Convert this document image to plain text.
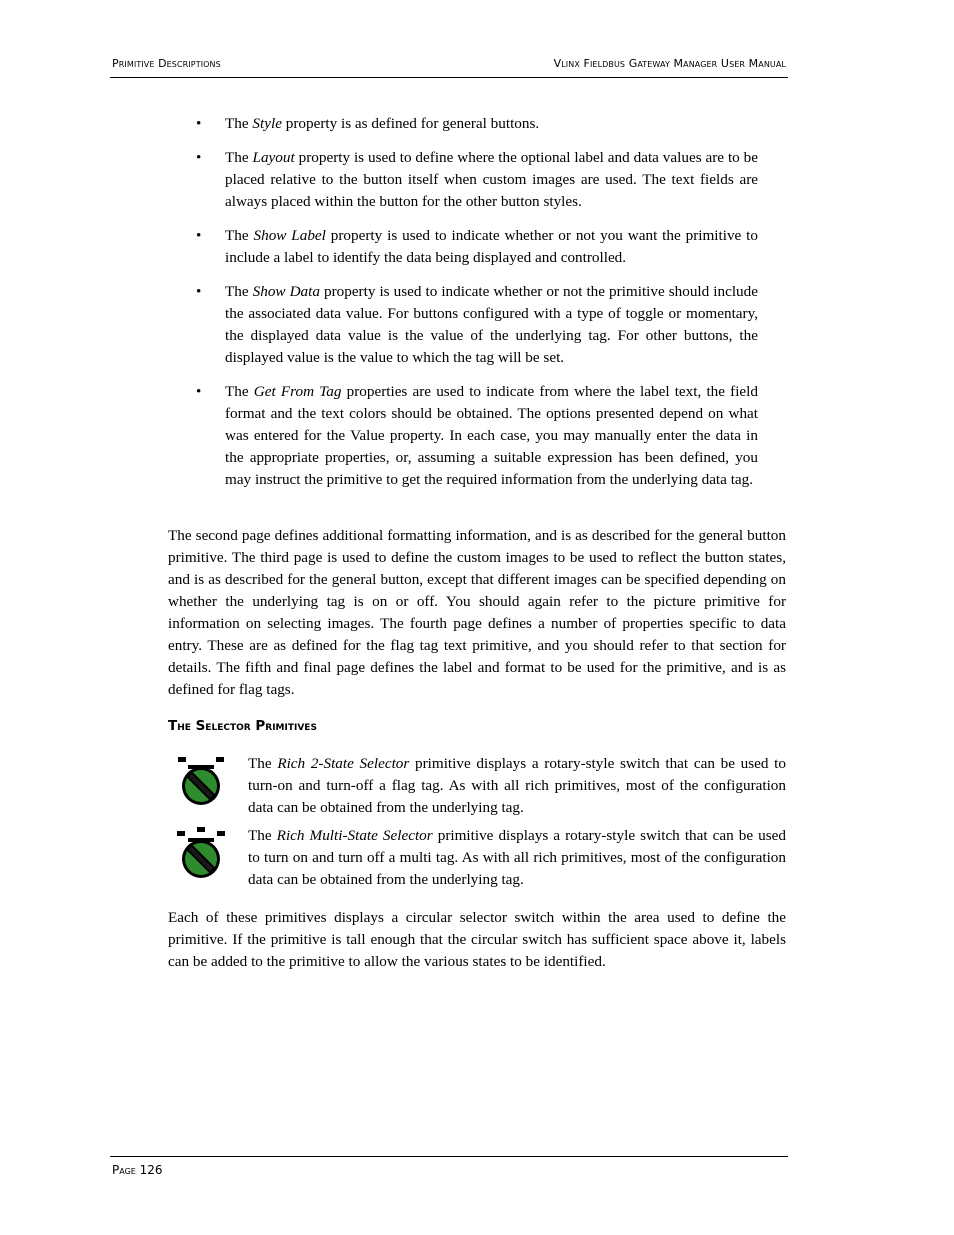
Primitive Descriptions	Vlinx Fieldbus Gateway Manager User Manual
• The Style property is as defined for general buttons.
• The Layout property is used to define where the optional label and data values are to be placed relative to the button itself when custom images are used. The text fields are always placed within the button for the other button styles.
• The Show Label property is used to indicate whether or not you want the primitive to include a label to identify the data being displayed and controlled.
• The Show Data property is used to indicate whether or not the primitive should include the associated data value. For buttons configured with a type of toggle or momentary, the displayed data value is the value of the underlying tag. For other buttons, the displayed value is the value to which the tag will be set.
• The Get From Tag properties are used to indicate from where the label text, the field format and the text colors should be obtained. The options presented depend on what was entered for the Value property. In each case, you may manually enter the data in the appropriate properties, or, assuming a suitable expression has been defined, you may instruct the primitive to get the required information from the underlying data tag.

The second page defines additional formatting information, and is as described for the general button primitive. The third page is used to define the custom images to be used to reflect the button states, and is as described for the general button, except that different images can be specified depending on whether the underlying tag is on or off. You should again refer to the picture primitive for information on selecting images. The fourth page defines a number of properties specific to data entry. These are as defined for the flag tag text primitive, and you should refer to that section for details. The fifth and final page defines the label and format to be used for the primitive, and is as defined for flag tags.

The Selector Primitives

The Rich 2-State Selector primitive displays a rotary-style switch that can be used to turn-on and turn-off a flag tag. As with all rich primitives, most of the configuration data can be obtained from the underlying tag.

The Rich Multi-State Selector primitive displays a rotary-style switch that can be used to turn on and turn off a multi tag. As with all rich primitives, most of the configuration data can be obtained from the underlying tag.

Each of these primitives displays a circular selector switch within the area used to define the primitive. If the primitive is tall enough that the circular switch has sufficient space above it, labels can be added to the primitive to allow the various states to be identified.

Page 126
